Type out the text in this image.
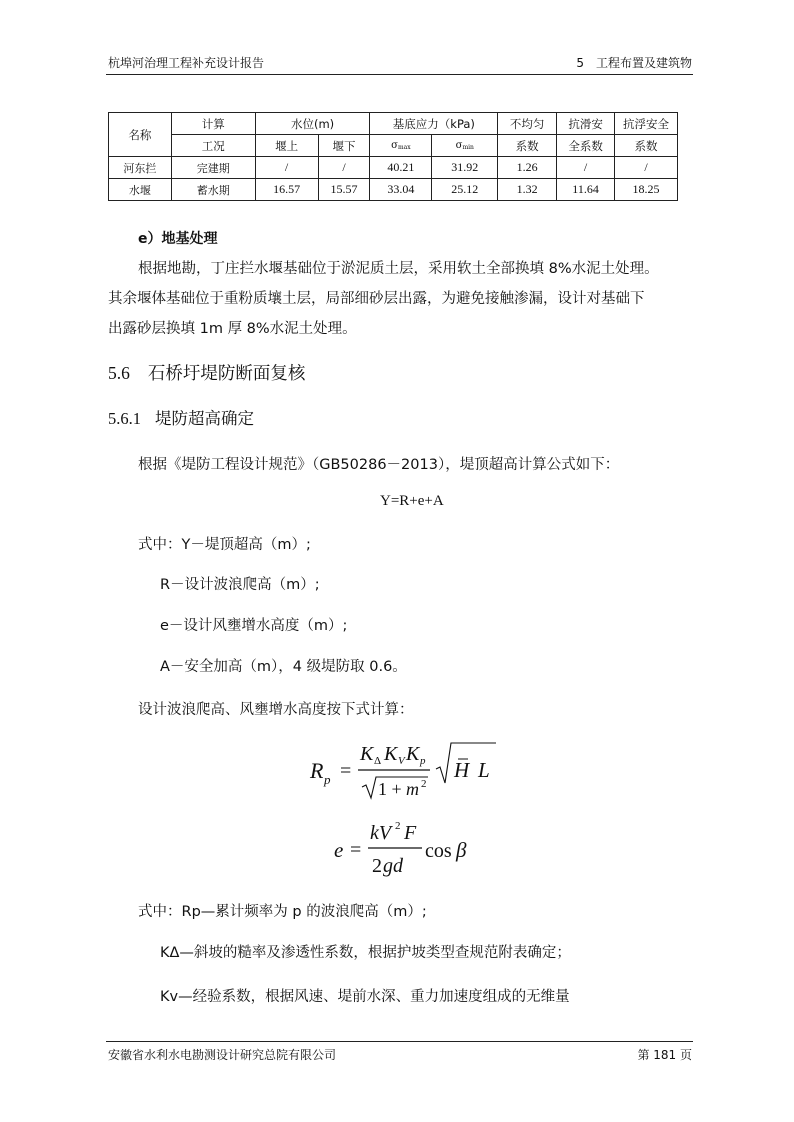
杭埠河治理工程补充设计报告	5　工程布置及建筑物
名称	计算	水位(m)		基底应力（kPa)		不均匀	抗滑安	抗浮安全
	工况	堰上	堰下	$\sigma_{max}$	$\sigma_{min}$	系数	全系数	系数
河东拦	完建期	/	/	40.21	31.92	1.26	/	/
水堰	蓄水期	16.57	15.57	33.04	25.12	1.32	11.64	18.25
e）地基处理
根据地勘，丁庄拦水堰基础位于淤泥质土层，采用软土全部换填 8%水泥土处理。
其余堰体基础位于重粉质壤土层，局部细砂层出露，为避免接触渗漏，设计对基础下
出露砂层换填 1m 厚 8%水泥土处理。
5.6 石桥圩堤防断面复核
5.6.1 堤防超高确定
根据《堤防工程设计规范》（GB50286－2013），堤顶超高计算公式如下：
Y=R+e+A
式中：Y－堤顶超高（m）;
R－设计波浪爬高（m）;
e－设计风壅增水高度（m）;
A－安全加高（m），4 级堤防取 0.6。
设计波浪爬高、风壅增水高度按下式计算：
R p =
K Δ K V K p
1 + m 2
H L
e =
kV 2 F
2 gd
cos β
式中：Rp—累计频率为 p 的波浪爬高（m）;
KΔ—斜坡的糙率及渗透性系数，根据护坡类型查规范附表确定；
Kv—经验系数，根据风速、堤前水深、重力加速度组成的无维量
安徽省水利水电勘测设计研究总院有限公司	第 181 页
